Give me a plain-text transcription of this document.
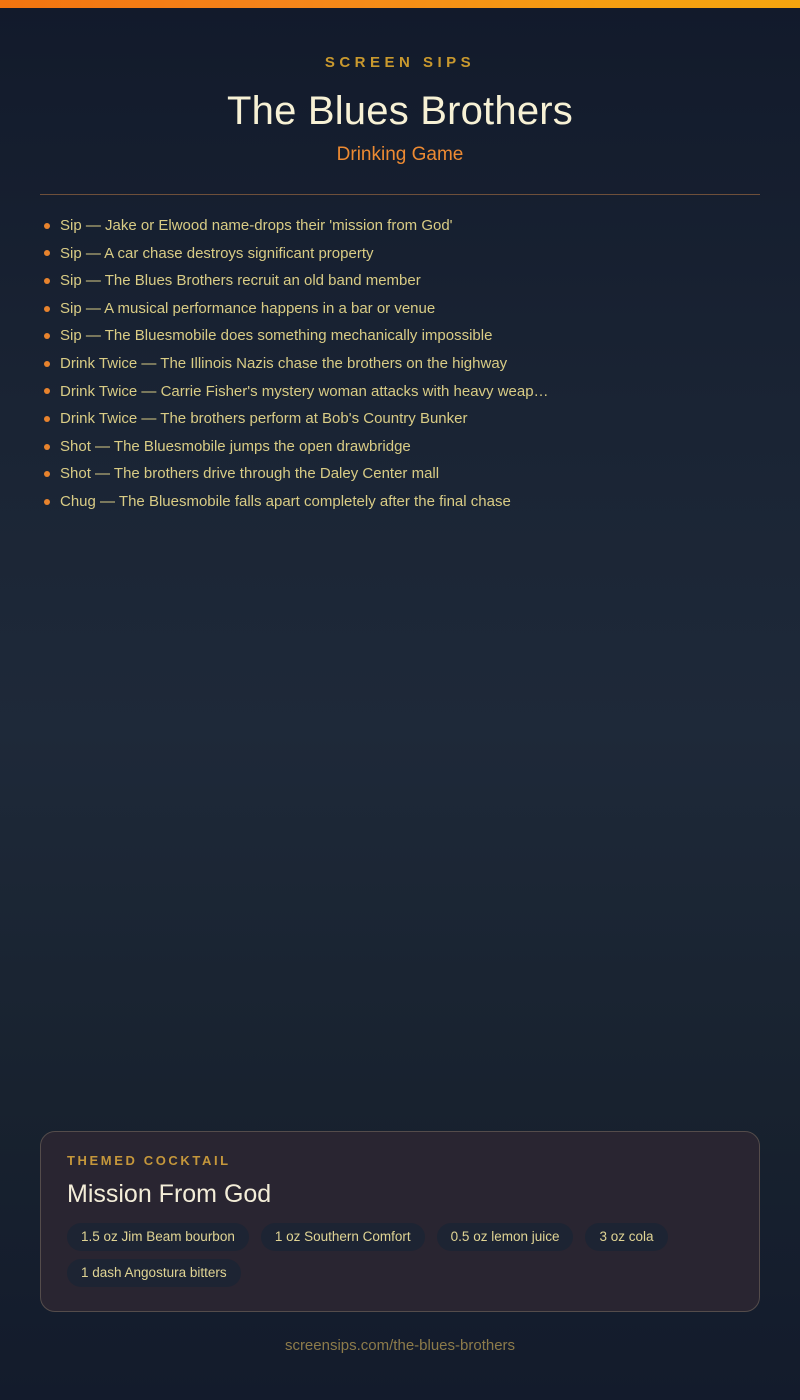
SCREEN SIPS
The Blues Brothers
Drinking Game
Sip — Jake or Elwood name-drops their 'mission from God'
Sip — A car chase destroys significant property
Sip — The Blues Brothers recruit an old band member
Sip — A musical performance happens in a bar or venue
Sip — The Bluesmobile does something mechanically impossible
Drink Twice — The Illinois Nazis chase the brothers on the highway
Drink Twice — Carrie Fisher's mystery woman attacks with heavy weap…
Drink Twice — The brothers perform at Bob's Country Bunker
Shot — The Bluesmobile jumps the open drawbridge
Shot — The brothers drive through the Daley Center mall
Chug — The Bluesmobile falls apart completely after the final chase
THEMED COCKTAIL
Mission From God
1.5 oz Jim Beam bourbon	1 oz Southern Comfort	0.5 oz lemon juice	3 oz cola
1 dash Angostura bitters
screensips.com/the-blues-brothers
